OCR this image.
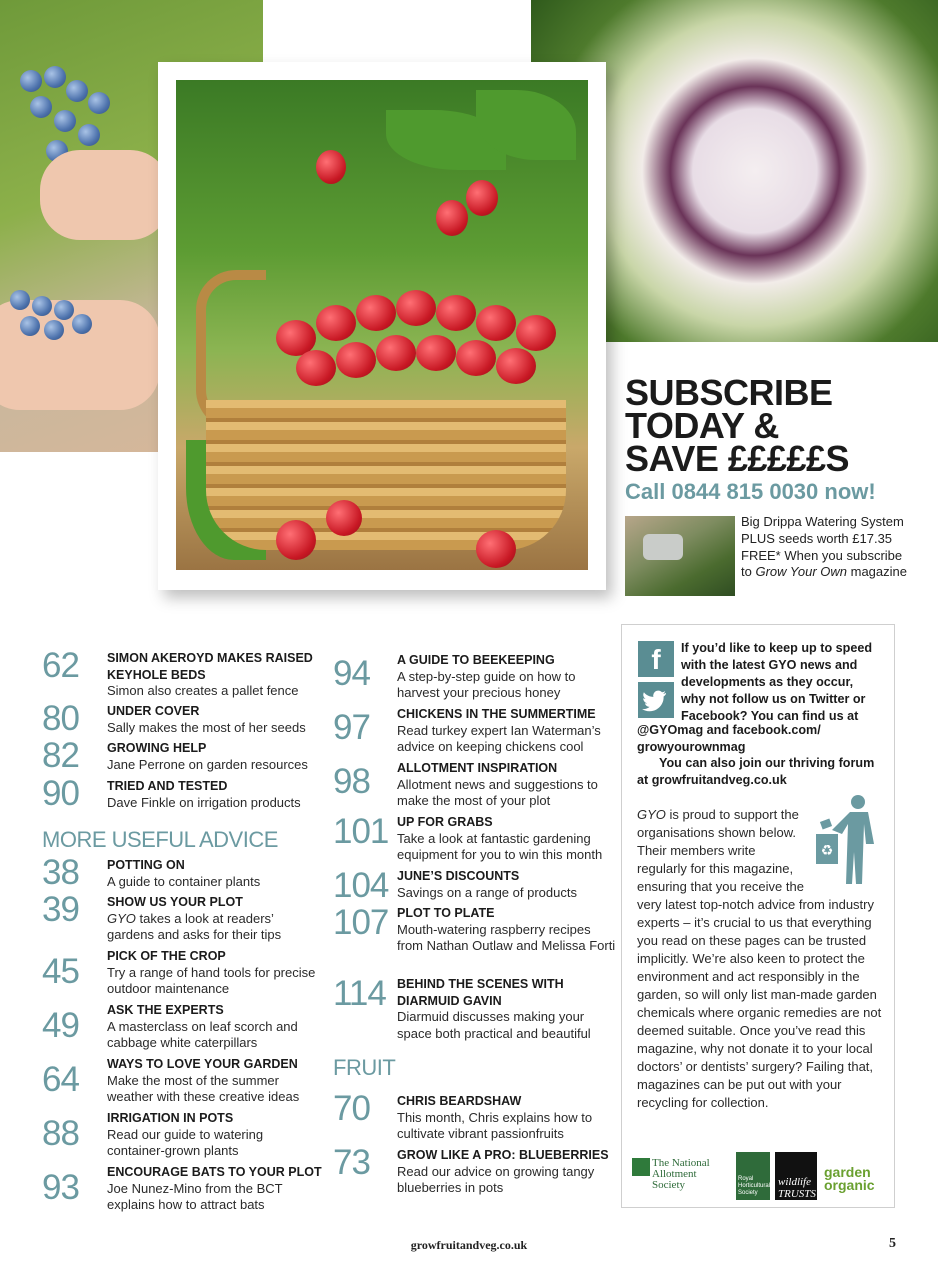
SUBSCRIBE
TODAY &
SAVE £££££S
Call 0844 815 0030 now!
Big Drippa Watering System PLUS seeds worth £17.35 FREE* When you subscribe to Grow Your Own magazine
62 SIMON AKEROYD MAKES RAISED KEYHOLE BEDS
Simon also creates a pallet fence
80 UNDER COVER
Sally makes the most of her seeds
82 GROWING HELP
Jane Perrone on garden resources
90 TRIED AND TESTED
Dave Finkle on irrigation products
MORE USEFUL ADVICE
38 POTTING ON
A guide to container plants
39 SHOW US YOUR PLOT
GYO takes a look at readers’ gardens and asks for their tips
45 PICK OF THE CROP
Try a range of hand tools for precise outdoor maintenance
49 ASK THE EXPERTS
A masterclass on leaf scorch and cabbage white caterpillars
64 WAYS TO LOVE YOUR GARDEN
Make the most of the summer weather with these creative ideas
88 IRRIGATION IN POTS
Read our guide to watering container-grown plants
93 ENCOURAGE BATS TO YOUR PLOT
Joe Nunez-Mino from the BCT explains how to attract bats
94 A GUIDE TO BEEKEEPING
A step-by-step guide on how to harvest your precious honey
97 CHICKENS IN THE SUMMERTIME
Read turkey expert Ian Waterman’s advice on keeping chickens cool
98 ALLOTMENT INSPIRATION
Allotment news and suggestions to make the most of your plot
101 UP FOR GRABS
Take a look at fantastic gardening equipment for you to win this month
104 JUNE’S DISCOUNTS
Savings on a range of products
107 PLOT TO PLATE
Mouth-watering raspberry recipes from Nathan Outlaw and Melissa Forti
114 BEHIND THE SCENES WITH DIARMUID GAVIN
Diarmuid discusses making your space both practical and beautiful
FRUIT
70 CHRIS BEARDSHAW
This month, Chris explains how to cultivate vibrant passionfruits
73 GROW LIKE A PRO: BLUEBERRIES
Read our advice on growing tangy blueberries in pots
f	If you’d like to keep up to speed with the latest GYO news and developments as they occur, why not follow us on Twitter or Facebook? You can find us at
@GYOmag and facebook.com/ growyourownmag
You can also join our thriving forum at growfruitandveg.co.uk
♻
GYO is proud to support the organisations shown below. Their members write regularly for this magazine, ensuring that you receive the
very latest top-notch advice from industry experts – it’s crucial to us that everything you read on these pages can be trusted implicitly. We’re also keen to protect the environment and act responsibly in the garden, so will only list man-made garden chemicals where organic remedies are not deemed suitable. Once you’ve read this magazine, why not donate it to your local doctors’ or dentists’ surgery? Failing that, magazines can be put out with your recycling for collection.
The National Allotment Society	Royal Horticultural Society
wildlife TRUSTS
garden organic
growfruitandveg.co.uk	5
